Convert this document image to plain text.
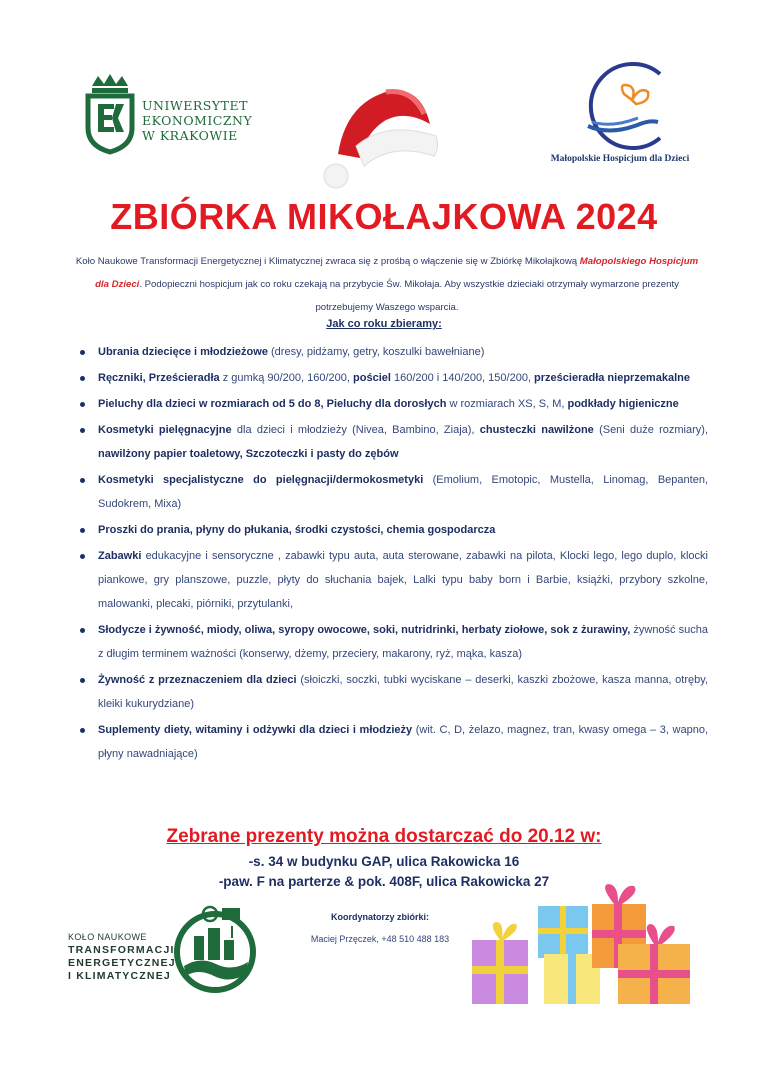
UNIWERSYTET
EKONOMICZNY
W KRAKOWIE
Małopolskie Hospicjum dla Dzieci
ZBIÓRKA MIKOŁAJKOWA 2024
Koło Naukowe Transformacji Energetycznej i Klimatycznej zwraca się z prośbą o włączenie się w Zbiórkę Mikołajkową Małopolskiego Hospicjum dla Dzieci. Podopieczni hospicjum jak co roku czekają na przybycie Św. Mikołaja. Aby wszystkie dzieciaki otrzymały wymarzone prezenty potrzebujemy Waszego wsparcia.
Jak co roku zbieramy:
Ubrania dziecięce i młodzieżowe (dresy, pidżamy, getry, koszulki bawełniane)
Ręczniki, Prześcieradła z gumką 90/200, 160/200, pościel 160/200 i 140/200, 150/200, prześcieradła nieprzemakalne
Pieluchy dla dzieci w rozmiarach od 5 do 8, Pieluchy dla dorosłych w rozmiarach XS, S, M, podkłady higieniczne
Kosmetyki pielęgnacyjne dla dzieci i młodzieży (Nivea, Bambino, Ziaja), chusteczki nawilżone (Seni duże rozmiary), nawilżony papier toaletowy, Szczoteczki i pasty do zębów
Kosmetyki specjalistyczne do pielęgnacji/dermokosmetyki (Emolium, Emotopic, Mustella, Linomag, Bepanten, Sudokrem, Mixa)
Proszki do prania, płyny do płukania, środki czystości, chemia gospodarcza
Zabawki edukacyjne i sensoryczne , zabawki typu auta, auta sterowane, zabawki na pilota, Klocki lego, lego duplo, klocki piankowe, gry planszowe, puzzle, płyty do słuchania bajek, Lalki typu baby born i Barbie, książki, przybory szkolne, malowanki, plecaki, piórniki, przytulanki,
Słodycze i żywność, miody, oliwa, syropy owocowe, soki, nutridrinki, herbaty ziołowe, sok z żurawiny, żywność sucha z długim terminem ważności (konserwy, dżemy, przeciery, makarony, ryż, mąka, kasza)
Żywność z przeznaczeniem dla dzieci (słoiczki, soczki, tubki wyciskane – deserki, kaszki zbożowe, kasza manna, otręby, kleiki kukurydziane)
Suplementy diety, witaminy i odżywki dla dzieci i młodzieży (wit. C, D, żelazo, magnez, tran, kwasy omega – 3, wapno, płyny nawadniające)
Zebrane prezenty można dostarczać do 20.12 w:
-s. 34 w budynku GAP, ulica Rakowicka 16
-paw. F na parterze & pok. 408F, ulica Rakowicka 27
KOŁO NAUKOWE
TRANSFORMACJI
ENERGETYCZNEJ
I KLIMATYCZNEJ
Koordynatorzy zbiórki:
Maciej Przęczek, +48 510 488 183
